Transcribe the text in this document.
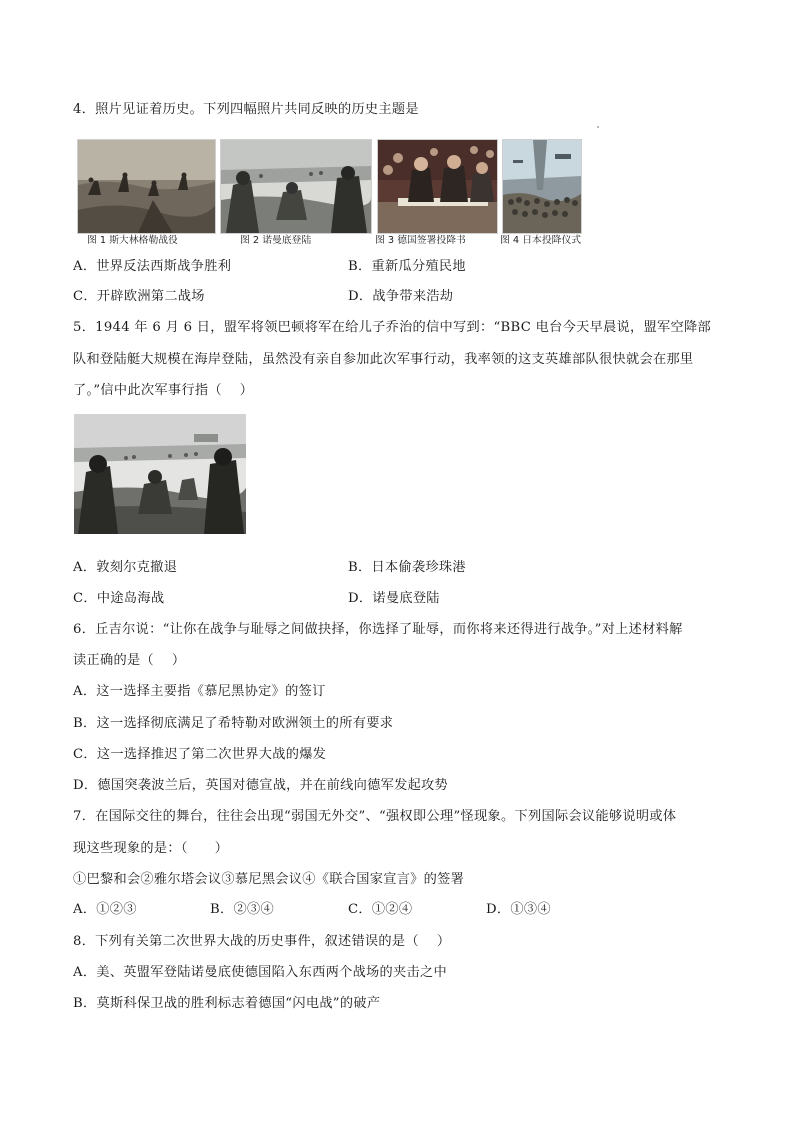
4．照片见证着历史。下列四幅照片共同反映的历史主题是
图 1 斯大林格勒战役	图 2 诺曼底登陆	图 3 德国签署投降书	图 4 日本投降仪式
A．世界反法西斯战争胜利	B．重新瓜分殖民地
C．开辟欧洲第二战场	D．战争带来浩劫
5．1944 年 6 月 6 日，盟军将领巴顿将军在给儿子乔治的信中写到：“BBC 电台今天早晨说，盟军空降部
队和登陆艇大规模在海岸登陆，虽然没有亲自参加此次军事行动，我率领的这支英雄部队很快就会在那里
了。”信中此次军事行指（　 ）
A．敦刻尔克撤退	B．日本偷袭珍珠港
C．中途岛海战	D．诺曼底登陆
6．丘吉尔说：“让你在战争与耻辱之间做抉择，你选择了耻辱，而你将来还得进行战争。”对上述材料解
读正确的是（　 ）
A．这一选择主要指《慕尼黑协定》的签订
B．这一选择彻底满足了希特勒对欧洲领土的所有要求
C．这一选择推迟了第二次世界大战的爆发
D．德国突袭波兰后，英国对德宣战，并在前线向德军发起攻势
7．在国际交往的舞台，往往会出现“弱国无外交”、“强权即公理”怪现象。下列国际会议能够说明或体
现这些现象的是：（　　）
①巴黎和会②雅尔塔会议③慕尼黑会议④《联合国家宣言》的签署
A．①②③	B．②③④	C．①②④	D．①③④
8．下列有关第二次世界大战的历史事件，叙述错误的是（　 ）
A．美、英盟军登陆诺曼底使德国陷入东西两个战场的夹击之中
B．莫斯科保卫战的胜利标志着德国“闪电战”的破产
